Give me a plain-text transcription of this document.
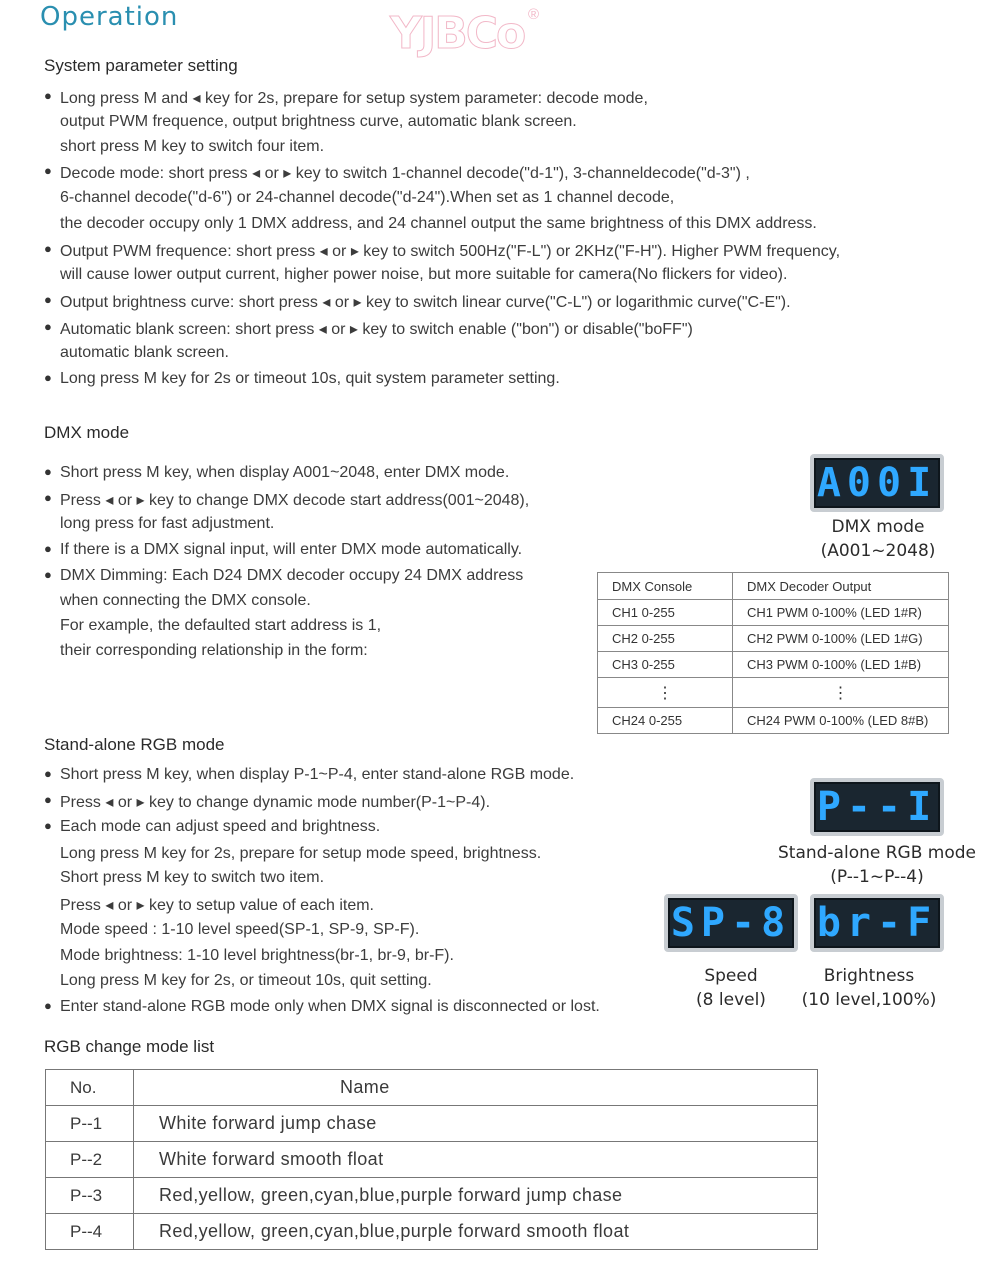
Operation	YJBCo ®
System parameter setting
● Long press M and ◂ key for 2s, prepare for setup system parameter: decode mode,
output PWM frequence, output brightness curve, automatic blank screen.
short press M key to switch four item.
● Decode mode: short press ◂ or ▸ key to switch 1-channel decode("d-1"), 3-channeldecode("d-3") ,
6-channel decode("d-6") or 24-channel decode("d-24").When set as 1 channel decode,
the decoder occupy only 1 DMX address, and 24 channel output the same brightness of this DMX address.
● Output PWM frequence: short press ◂ or ▸ key to switch 500Hz("F-L") or 2KHz("F-H"). Higher PWM frequency,
will cause lower output current, higher power noise, but more suitable for camera(No flickers for video).
● Output brightness curve: short press ◂ or ▸ key to switch linear curve("C-L") or logarithmic curve("C-E").
● Automatic blank screen: short press ◂ or ▸ key to switch enable ("bon") or disable("boFF")
automatic blank screen.
● Long press M key for 2s or timeout 10s, quit system parameter setting.
DMX mode
● Short press M key, when display A001~2048, enter DMX mode.
● Press ◂ or ▸ key to change DMX decode start address(001~2048),
long press for fast adjustment.
● If there is a DMX signal input, will enter DMX mode automatically.
● DMX Dimming: Each D24 DMX decoder occupy 24 DMX address
when connecting the DMX console.
For example, the defaulted start address is 1,
their corresponding relationship in the form:
A00I
DMX mode
(A001~2048)
DMX Console	DMX Decoder Output
CH1 0-255	CH1 PWM 0-100% (LED 1#R)
CH2 0-255	CH2 PWM 0-100% (LED 1#G)
CH3 0-255	CH3 PWM 0-100% (LED 1#B)
⋮	⋮
CH24 0-255	CH24 PWM 0-100% (LED 8#B)
Stand-alone RGB mode
● Short press M key, when display P-1~P-4, enter stand-alone RGB mode.
● Press ◂ or ▸ key to change dynamic mode number(P-1~P-4).
● Each mode can adjust speed and brightness.
Long press M key for 2s, prepare for setup mode speed, brightness.
Short press M key to switch two item.
Press ◂ or ▸ key to setup value of each item.
Mode speed : 1-10 level speed(SP-1, SP-9, SP-F).
Mode brightness: 1-10 level brightness(br-1, br-9, br-F).
Long press M key for 2s, or timeout 10s, quit setting.
● Enter stand-alone RGB mode only when DMX signal is disconnected or lost.
P--I
Stand-alone RGB mode
(P--1~P--4)
SP-8 br-F
Speed
(8 level)
Brightness
(10 level,100%)
RGB change mode list
No.	Name
P--1	White forward jump chase
P--2	White forward smooth float
P--3	Red,yellow, green,cyan,blue,purple forward jump chase
P--4	Red,yellow, green,cyan,blue,purple forward smooth float
